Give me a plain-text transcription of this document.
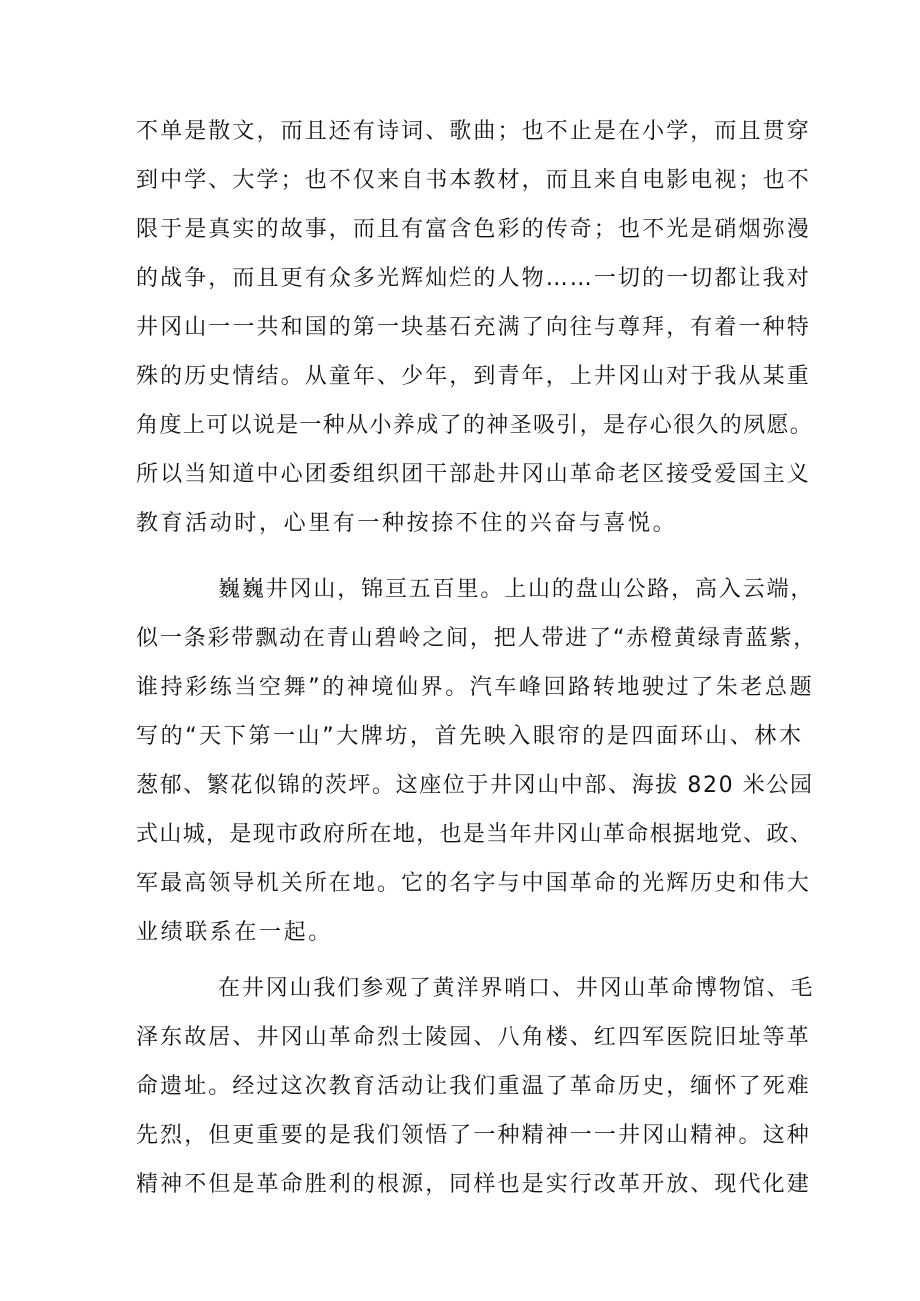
不单是散文，而且还有诗词、歌曲；也不止是在小学，而且贯穿
到中学、大学；也不仅来自书本教材，而且来自电影电视；也不
限于是真实的故事，而且有富含色彩的传奇；也不光是硝烟弥漫
的战争，而且更有众多光辉灿烂的人物……一切的一切都让我对
井冈山一一共和国的第一块基石充满了向往与尊拜，有着一种特
殊的历史情结。从童年、少年，到青年，上井冈山对于我从某重
角度上可以说是一种从小养成了的神圣吸引，是存心很久的夙愿。
所以当知道中心团委组织团干部赴井冈山革命老区接受爱国主义
教育活动时，心里有一种按捺不住的兴奋与喜悦。
巍巍井冈山，锦亘五百里。上山的盘山公路，高入云端，
似一条彩带飘动在青山碧岭之间，把人带进了“赤橙黄绿青蓝紫，
谁持彩练当空舞”的神境仙界。汽车峰回路转地驶过了朱老总题
写的“天下第一山”大牌坊，首先映入眼帘的是四面环山、林木
葱郁、繁花似锦的茨坪。这座位于井冈山中部、海拔 820 米公园
式山城，是现市政府所在地，也是当年井冈山革命根据地党、政、
军最高领导机关所在地。它的名字与中国革命的光辉历史和伟大
业绩联系在一起。
在井冈山我们参观了黄洋界哨口、井冈山革命博物馆、毛
泽东故居、井冈山革命烈士陵园、八角楼、红四军医院旧址等革
命遗址。经过这次教育活动让我们重温了革命历史，缅怀了死难
先烈，但更重要的是我们领悟了一种精神一一井冈山精神。这种
精神不但是革命胜利的根源，同样也是实行改革开放、现代化建
